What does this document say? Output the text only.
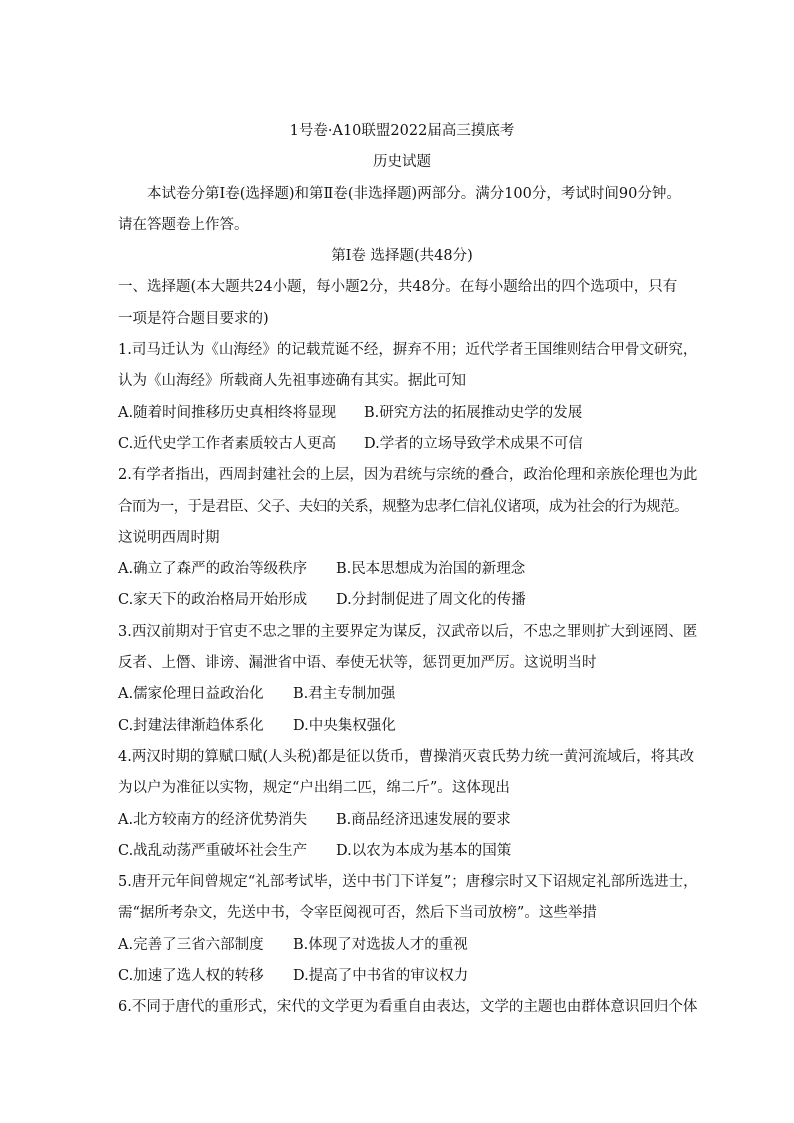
1号卷·A10联盟2022届高三摸底考
历史试题
本试卷分第Ⅰ卷(选择题)和第Ⅱ卷(非选择题)两部分。满分100分，考试时间90分钟。
请在答题卷上作答。
第Ⅰ卷 选择题(共48分)
一、选择题(本大题共24小题，每小题2分，共48分。在每小题给出的四个选项中，只有
一项是符合题目要求的)
1.司马迁认为《山海经》的记载荒诞不经，摒弃不用；近代学者王国维则结合甲骨文研究，
认为《山海经》所载商人先祖事迹确有其实。据此可知
A.随着时间推移历史真相终将显现	B.研究方法的拓展推动史学的发展
C.近代史学工作者素质较古人更高	D.学者的立场导致学术成果不可信
2.有学者指出，西周封建社会的上层，因为君统与宗统的叠合，政治伦理和亲族伦理也为此
合而为一，于是君臣、父子、夫妇的关系，规整为忠孝仁信礼仪诸项，成为社会的行为规范。
这说明西周时期
A.确立了森严的政治等级秩序	B.民本思想成为治国的新理念
C.家天下的政治格局开始形成	D.分封制促进了周文化的传播
3.西汉前期对于官吏不忠之罪的主要界定为谋反，汉武帝以后，不忠之罪则扩大到诬罔、匿
反者、上僭、诽谤、漏泄省中语、奉使无状等，惩罚更加严厉。这说明当时
A.儒家伦理日益政治化	B.君主专制加强
C.封建法律渐趋体系化	D.中央集权强化
4.两汉时期的算赋口赋(人头税)都是征以货币，曹操消灭袁氏势力统一黄河流域后，将其改
为以户为准征以实物，规定“户出绢二匹，绵二斤”。这体现出
A.北方较南方的经济优势消失	B.商品经济迅速发展的要求
C.战乱动荡严重破坏社会生产	D.以农为本成为基本的国策
5.唐开元年间曾规定“礼部考试毕，送中书门下详复”；唐穆宗时又下诏规定礼部所选进士，
需“据所考杂文，先送中书，令宰臣阅视可否，然后下当司放榜”。这些举措
A.完善了三省六部制度	B.体现了对选拔人才的重视
C.加速了选人权的转移	D.提高了中书省的审议权力
6.不同于唐代的重形式，宋代的文学更为看重自由表达，文学的主题也由群体意识回归个体
